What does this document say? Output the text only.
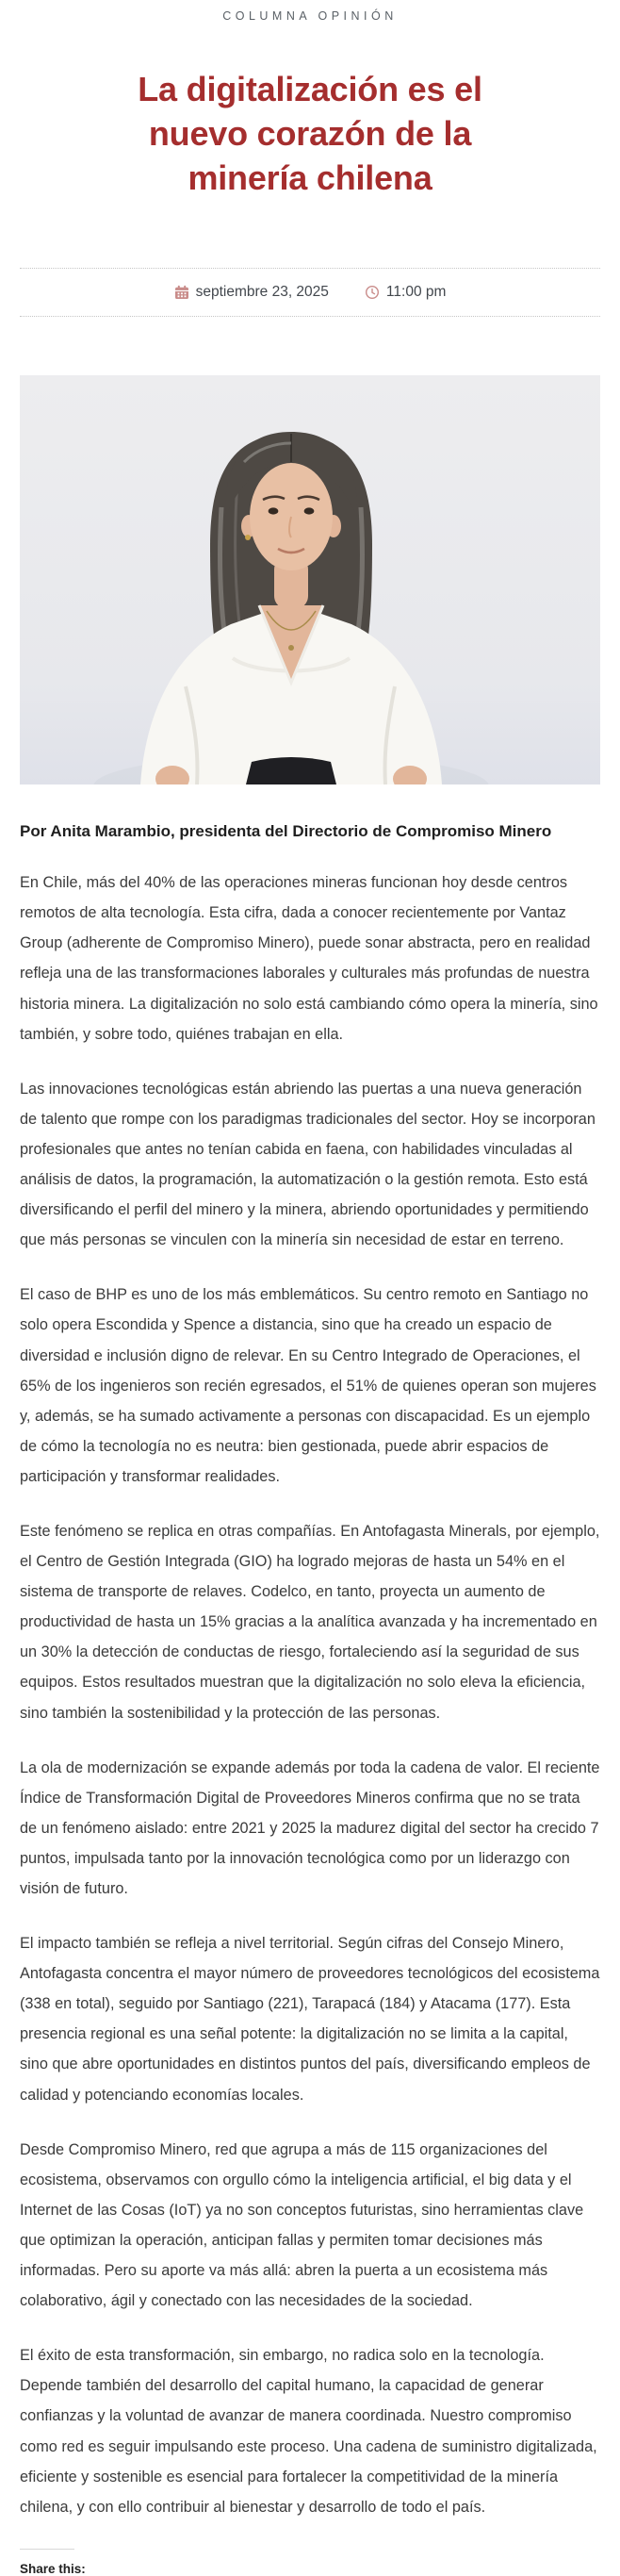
COLUMNA OPINIÓN
La digitalización es el nuevo corazón de la minería chilena
septiembre 23, 2025	11:00 pm

Por Anita Marambio, presidenta del Directorio de Compromiso Minero

En Chile, más del 40% de las operaciones mineras funcionan hoy desde centros remotos de alta tecnología. Esta cifra, dada a conocer recientemente por Vantaz Group (adherente de Compromiso Minero), puede sonar abstracta, pero en realidad refleja una de las transformaciones laborales y culturales más profundas de nuestra historia minera. La digitalización no solo está cambiando cómo opera la minería, sino también, y sobre todo, quiénes trabajan en ella.

Las innovaciones tecnológicas están abriendo las puertas a una nueva generación de talento que rompe con los paradigmas tradicionales del sector. Hoy se incorporan profesionales que antes no tenían cabida en faena, con habilidades vinculadas al análisis de datos, la programación, la automatización o la gestión remota. Esto está diversificando el perfil del minero y la minera, abriendo oportunidades y permitiendo que más personas se vinculen con la minería sin necesidad de estar en terreno.

El caso de BHP es uno de los más emblemáticos. Su centro remoto en Santiago no solo opera Escondida y Spence a distancia, sino que ha creado un espacio de diversidad e inclusión digno de relevar. En su Centro Integrado de Operaciones, el 65% de los ingenieros son recién egresados, el 51% de quienes operan son mujeres y, además, se ha sumado activamente a personas con discapacidad. Es un ejemplo de cómo la tecnología no es neutra: bien gestionada, puede abrir espacios de participación y transformar realidades.

Este fenómeno se replica en otras compañías. En Antofagasta Minerals, por ejemplo, el Centro de Gestión Integrada (GIO) ha logrado mejoras de hasta un 54% en el sistema de transporte de relaves. Codelco, en tanto, proyecta un aumento de productividad de hasta un 15% gracias a la analítica avanzada y ha incrementado en un 30% la detección de conductas de riesgo, fortaleciendo así la seguridad de sus equipos. Estos resultados muestran que la digitalización no solo eleva la eficiencia, sino también la sostenibilidad y la protección de las personas.

La ola de modernización se expande además por toda la cadena de valor. El reciente Índice de Transformación Digital de Proveedores Mineros confirma que no se trata de un fenómeno aislado: entre 2021 y 2025 la madurez digital del sector ha crecido 7 puntos, impulsada tanto por la innovación tecnológica como por un liderazgo con visión de futuro.

El impacto también se refleja a nivel territorial. Según cifras del Consejo Minero, Antofagasta concentra el mayor número de proveedores tecnológicos del ecosistema (338 en total), seguido por Santiago (221), Tarapacá (184) y Atacama (177). Esta presencia regional es una señal potente: la digitalización no se limita a la capital, sino que abre oportunidades en distintos puntos del país, diversificando empleos de calidad y potenciando economías locales.

Desde Compromiso Minero, red que agrupa a más de 115 organizaciones del ecosistema, observamos con orgullo cómo la inteligencia artificial, el big data y el Internet de las Cosas (IoT) ya no son conceptos futuristas, sino herramientas clave que optimizan la operación, anticipan fallas y permiten tomar decisiones más informadas. Pero su aporte va más allá: abren la puerta a un ecosistema más colaborativo, ágil y conectado con las necesidades de la sociedad.

El éxito de esta transformación, sin embargo, no radica solo en la tecnología. Depende también del desarrollo del capital humano, la capacidad de generar confianzas y la voluntad de avanzar de manera coordinada. Nuestro compromiso como red es seguir impulsando este proceso. Una cadena de suministro digitalizada, eficiente y sostenible es esencial para fortalecer la competitividad de la minería chilena, y con ello contribuir al bienestar y desarrollo de todo el país.

Share this:
